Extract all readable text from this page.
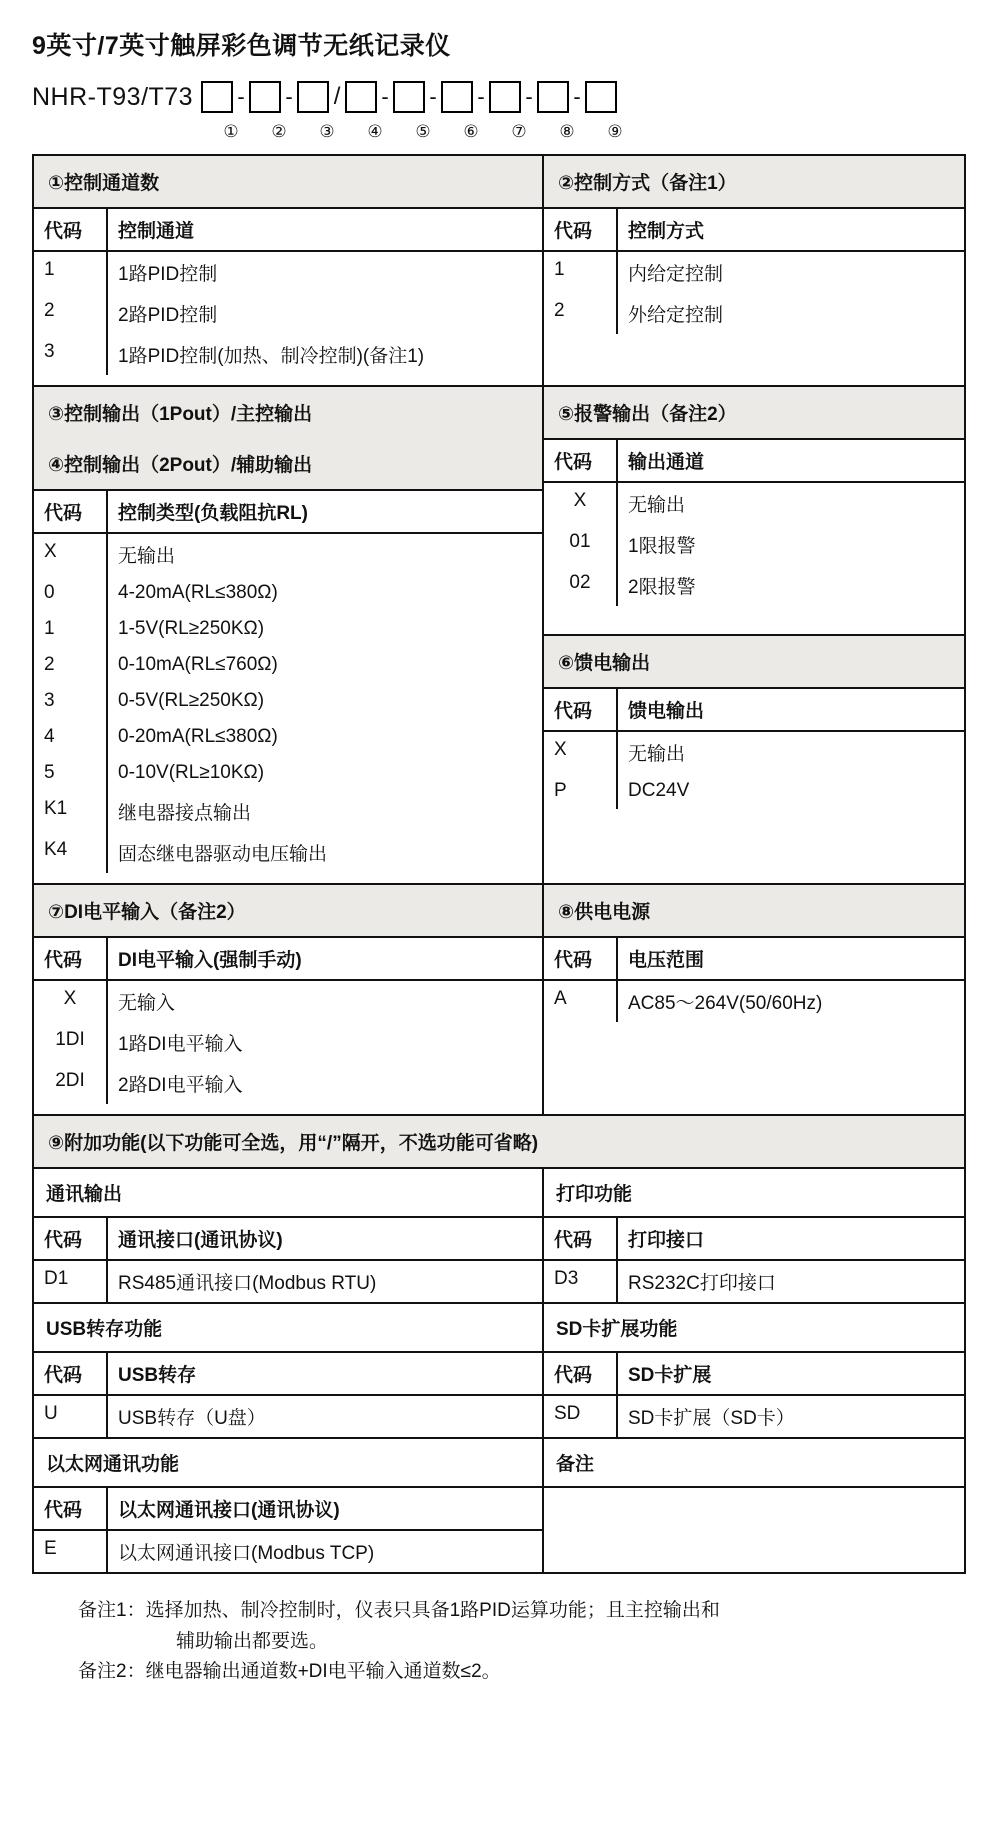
9英寸/7英寸触屏彩色调节无纸记录仪
NHR-T93/T73 - - / - - - - -
①	②	③	④	⑤	⑥	⑦	⑧	⑨
①控制通道数
代码	控制通道
1	1路PID控制
2	2路PID控制
3	1路PID控制(加热、制冷控制)(备注1)
②控制方式（备注1）
代码	控制方式
1	内给定控制
2	外给定控制
③控制输出（1Pout）/主控输出
④控制输出（2Pout）/辅助输出
代码	控制类型(负载阻抗RL)
X	无输出
0	4-20mA(RL≤380Ω)
1	1-5V(RL≥250KΩ)
2	0-10mA(RL≤760Ω)
3	0-5V(RL≥250KΩ)
4	0-20mA(RL≤380Ω)
5	0-10V(RL≥10KΩ)
K1	继电器接点输出
K4	固态继电器驱动电压输出
⑤报警输出（备注2）
代码	输出通道
X	无输出
01	1限报警
02	2限报警
⑥馈电输出
代码	馈电输出
X	无输出
P	DC24V
⑦DI电平输入（备注2）
代码	DI电平输入(强制手动)
X	无输入
1DI	1路DI电平输入
2DI	2路DI电平输入
⑧供电电源
代码	电压范围
A	AC85～264V(50/60Hz)
⑨附加功能(以下功能可全选，用“/”隔开，不选功能可省略)
通讯输出
代码	通讯接口(通讯协议)
D1	RS485通讯接口(Modbus RTU)
打印功能
代码	打印接口
D3	RS232C打印接口
USB转存功能
代码	USB转存
U	USB转存（U盘）
SD卡扩展功能
代码	SD卡扩展
SD	SD卡扩展（SD卡）
以太网通讯功能
代码	以太网通讯接口(通讯协议)
E	以太网通讯接口(Modbus TCP)
备注
备注1： 选择加热、制冷控制时，仪表只具备1路PID运算功能；且主控输出和
辅助输出都要选。
备注2： 继电器输出通道数+DI电平输入通道数≤2。
